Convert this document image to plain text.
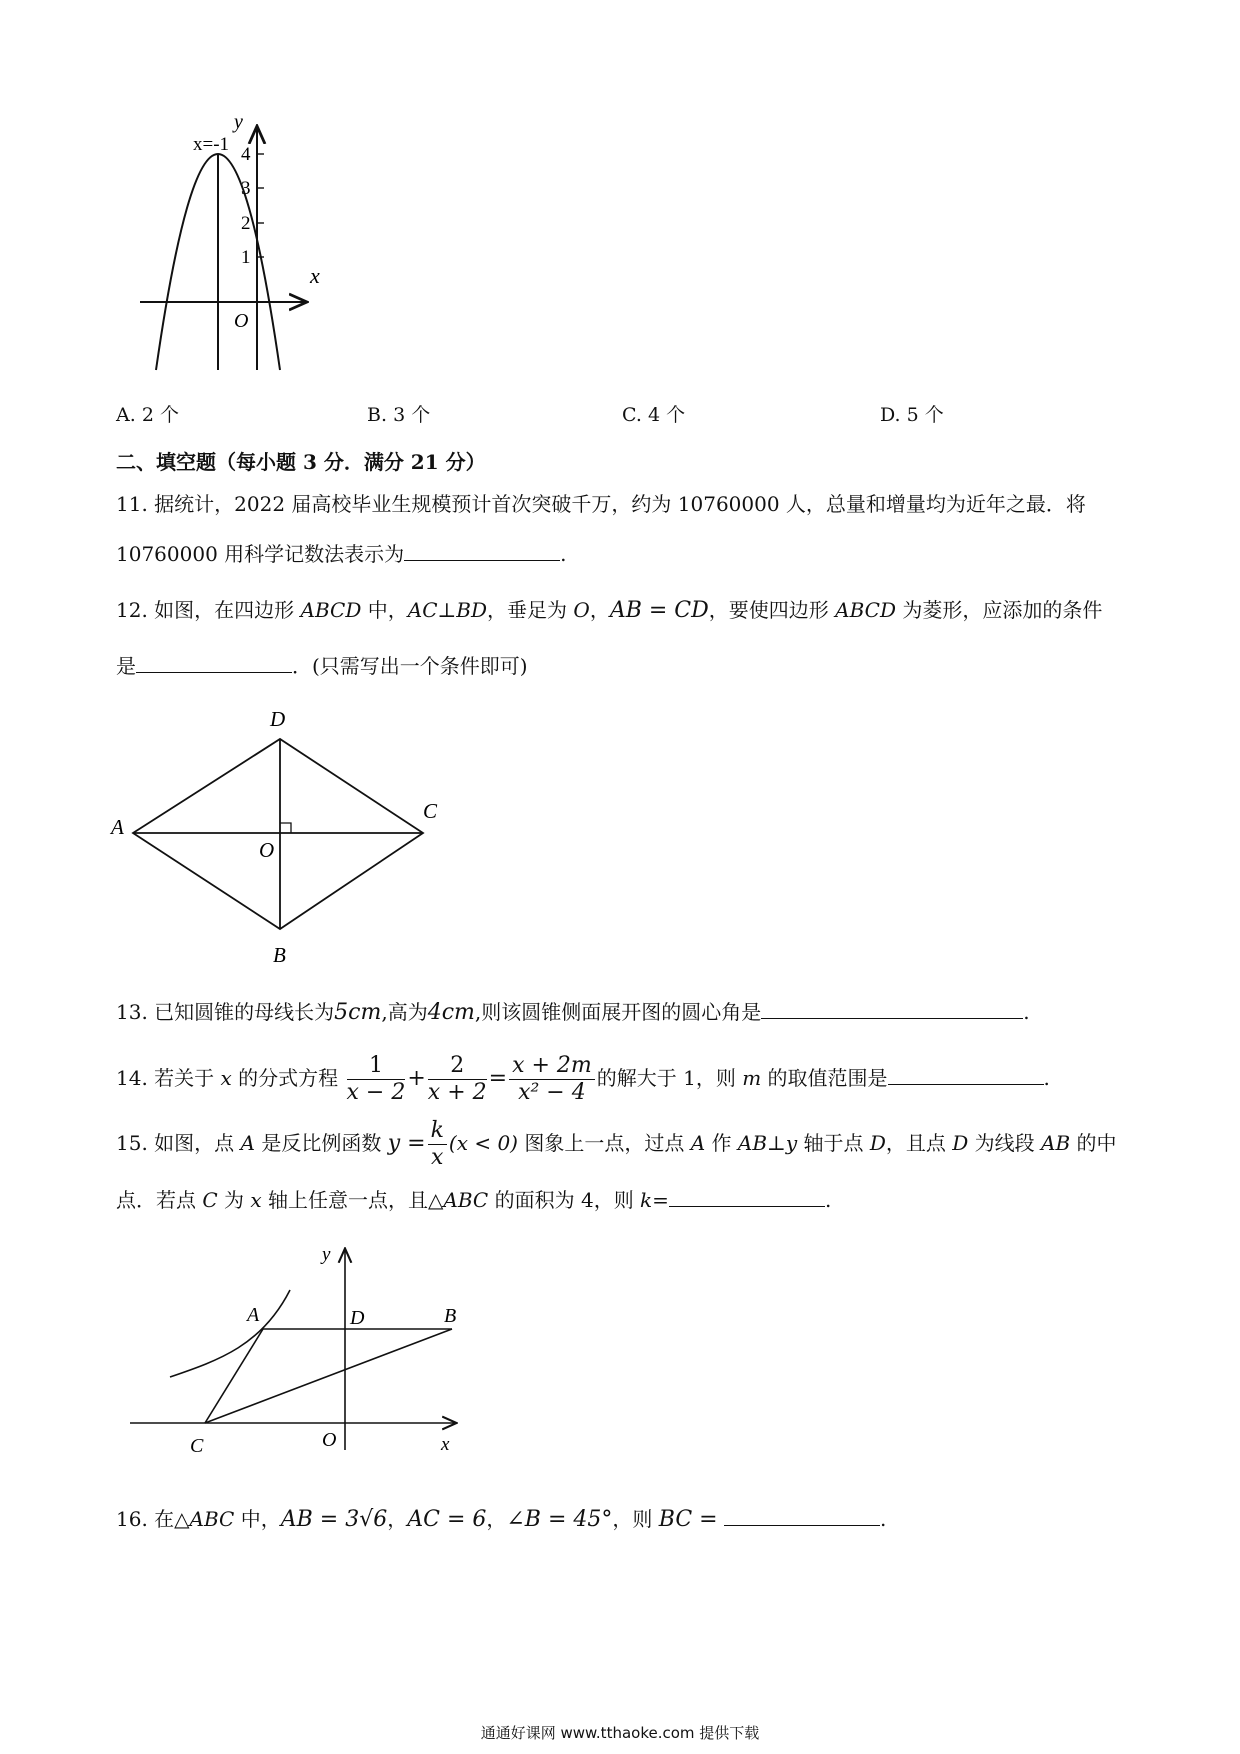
x=-1 4
3
2
1
y
x
O
A. 2 个	B. 3 个	C. 4 个	D. 5 个
二、填空题（每小题 3 分．满分 21 分）
11. 据统计，2022 届高校毕业生规模预计首次突破千万，约为 10760000 人，总量和增量均为近年之最．将
10760000 用科学记数法表示为	.
12. 如图，在四边形 ABCD 中，AC⊥BD，垂足为 O，AB = CD，要使四边形 ABCD 为菱形，应添加的条件
是	．(只需写出一个条件即可)
D
A
C
O
B
13. 已知圆锥的母线长为5cm,高为4cm,则该圆锥侧面展开图的圆心角是	.
14. 若关于 x 的分式方程 $\frac{1}{x - 2} + \frac{2}{x + 2} = \frac{x + 2m}{\text{x² − 4}}$ 的解大于 1，则 m 的取值范围是	.
15. 如图，点 A 是反比例函数 $y = \frac{k}{x} (x < 0)$ 图象上一点，过点 A 作 AB⊥y 轴于点 D，且点 D 为线段 AB 的中
点．若点 C 为 x 轴上任意一点，且△ABC 的面积为 4，则 k=	.
y
A	D	B
C	O	x
16. 在△ABC 中，AB = 3√6，AC = 6，∠B = 45°，则 BC =	.
通通好课网 www.tthaoke.com 提供下载
